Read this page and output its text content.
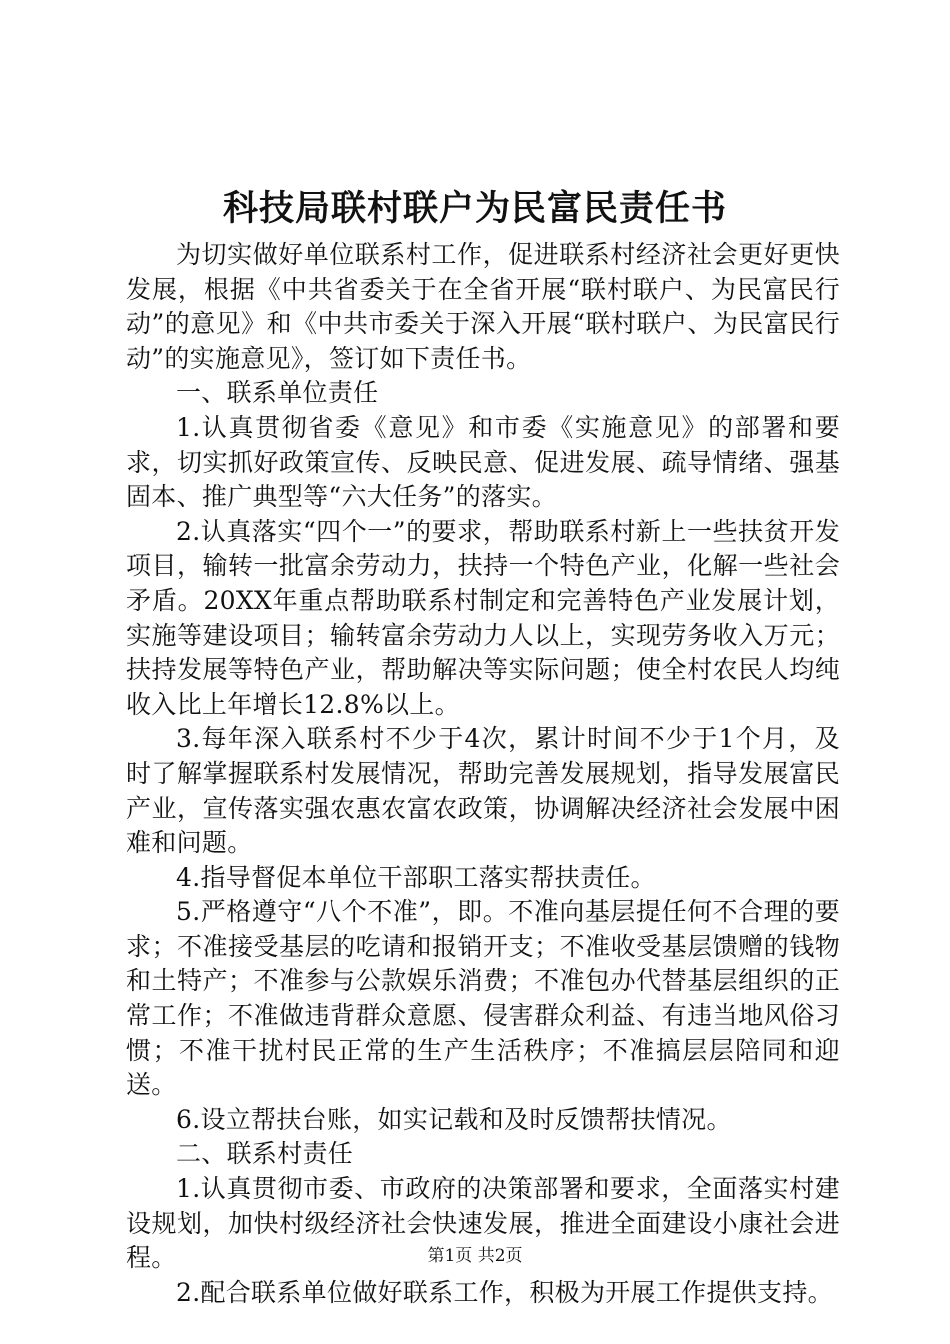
科技局联村联户为民富民责任书

为切实做好单位联系村工作，促进联系村经济社会更好更快发展，根据《中共省委关于在全省开展“联村联户、为民富民行动”的意见》和《中共市委关于深入开展“联村联户、为民富民行动”的实施意见》，签订如下责任书。

一、联系单位责任

1.认真贯彻省委《意见》和市委《实施意见》的部署和要求，切实抓好政策宣传、反映民意、促进发展、疏导情绪、强基固本、推广典型等“六大任务”的落实。

2.认真落实“四个一”的要求，帮助联系村新上一些扶贫开发项目，输转一批富余劳动力，扶持一个特色产业，化解一些社会矛盾。20XX年重点帮助联系村制定和完善特色产业发展计划，实施等建设项目；输转富余劳动力人以上，实现劳务收入万元；扶持发展等特色产业，帮助解决等实际问题；使全村农民人均纯收入比上年增长12.8%以上。

3.每年深入联系村不少于4次，累计时间不少于1个月，及时了解掌握联系村发展情况，帮助完善发展规划，指导发展富民产业，宣传落实强农惠农富农政策，协调解决经济社会发展中困难和问题。

4.指导督促本单位干部职工落实帮扶责任。

5.严格遵守“八个不准”，即。不准向基层提任何不合理的要求；不准接受基层的吃请和报销开支；不准收受基层馈赠的钱物和土特产；不准参与公款娱乐消费；不准包办代替基层组织的正常工作；不准做违背群众意愿、侵害群众利益、有违当地风俗习惯；不准干扰村民正常的生产生活秩序；不准搞层层陪同和迎送。

6.设立帮扶台账，如实记载和及时反馈帮扶情况。

二、联系村责任

1.认真贯彻市委、市政府的决策部署和要求，全面落实村建设规划，加快村级经济社会快速发展，推进全面建设小康社会进程。

2.配合联系单位做好联系工作，积极为开展工作提供支持。

第1页 共2页
